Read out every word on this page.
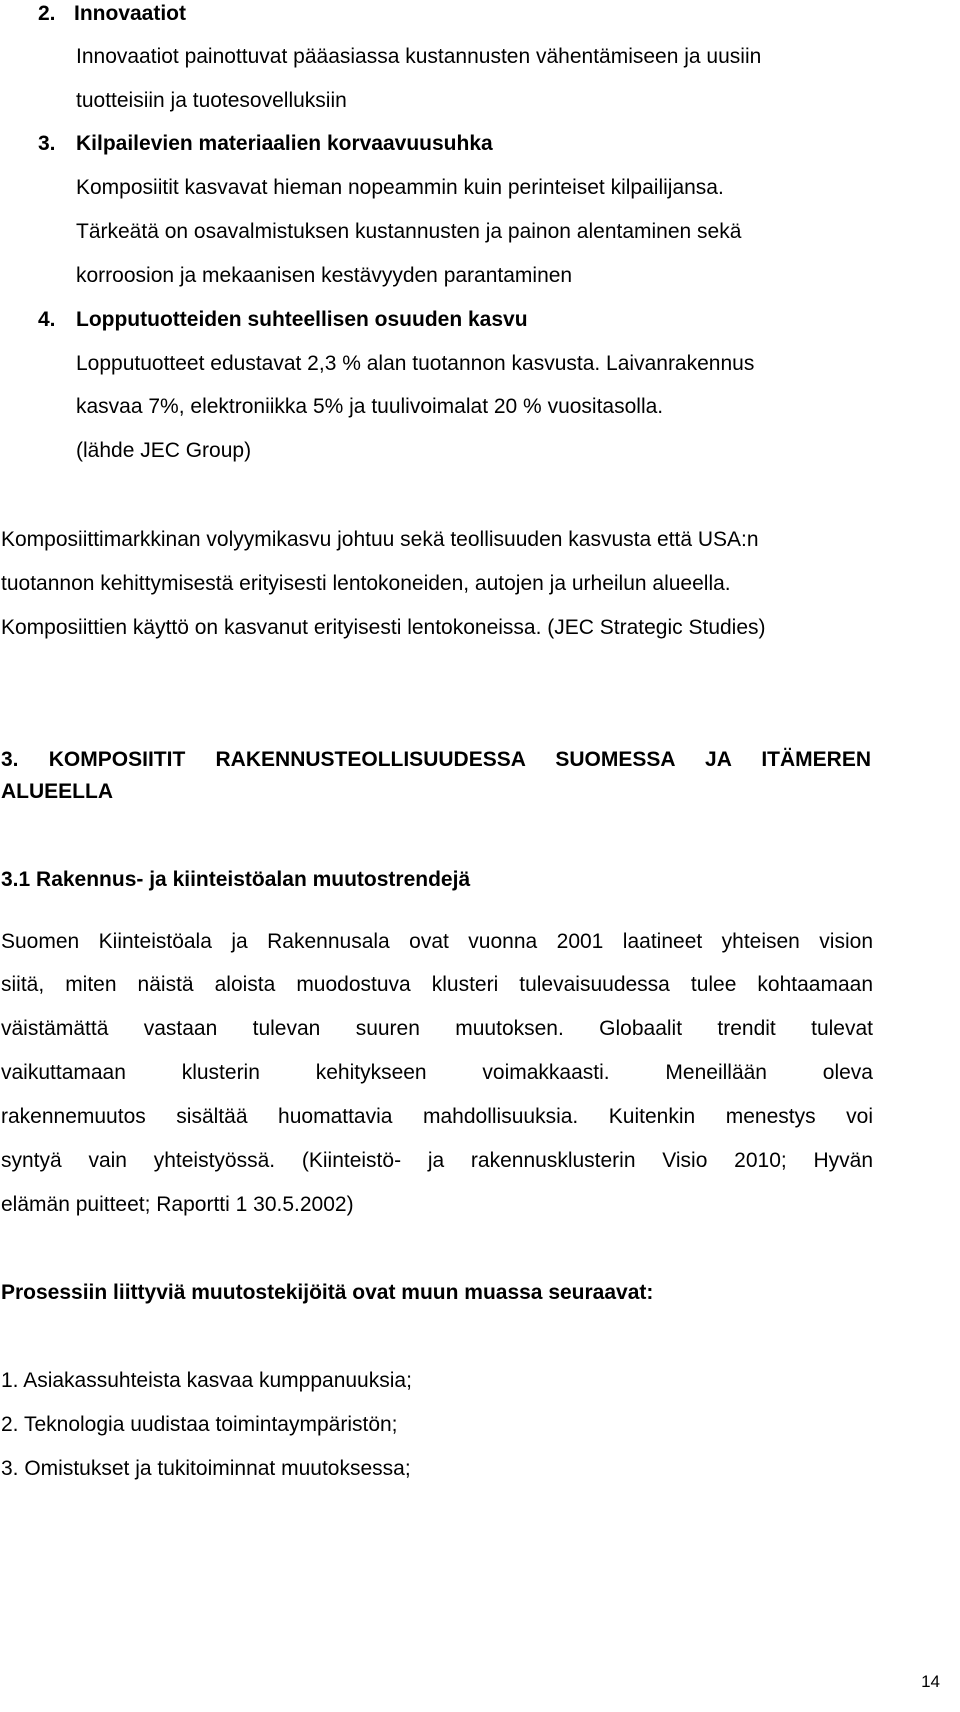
2. Innovaatiot
Innovaatiot painottuvat pääasiassa kustannusten vähentämiseen ja uusiin
tuotteisiin ja tuotesovelluksiin
3. Kilpailevien materiaalien korvaavuusuhka
Komposiitit kasvavat hieman nopeammin kuin perinteiset kilpailijansa.
Tärkeätä on osavalmistuksen kustannusten ja painon alentaminen sekä
korroosion ja mekaanisen kestävyyden parantaminen
4. Lopputuotteiden suhteellisen osuuden kasvu
Lopputuotteet edustavat 2,3 % alan tuotannon kasvusta. Laivanrakennus
kasvaa 7%, elektroniikka 5% ja tuulivoimalat 20 % vuositasolla.
(lähde JEC Group)
Komposiittimarkkinan volyymikasvu johtuu sekä teollisuuden kasvusta että USA:n
tuotannon kehittymisestä erityisesti lentokoneiden, autojen ja urheilun alueella.
Komposiittien käyttö on kasvanut erityisesti lentokoneissa. (JEC Strategic Studies)
3.  KOMPOSIITIT  RAKENNUSTEOLLISUUDESSA  SUOMESSA  JA  ITÄMEREN
ALUEELLA
3.1 Rakennus- ja kiinteistöalan muutostrendejä
Suomen Kiinteistöala ja Rakennusala ovat vuonna 2001 laatineet yhteisen vision
siitä, miten näistä aloista muodostuva klusteri tulevaisuudessa tulee kohtaamaan
väistämättä vastaan tulevan suuren muutoksen. Globaalit trendit tulevat
vaikuttamaan klusterin kehitykseen voimakkaasti. Meneillään oleva
rakennemuutos sisältää huomattavia mahdollisuuksia. Kuitenkin menestys voi
syntyä vain yhteistyössä. (Kiinteistö- ja rakennusklusterin Visio 2010; Hyvän
elämän puitteet; Raportti 1 30.5.2002)
Prosessiin liittyviä muutostekijöitä ovat muun muassa seuraavat:
1. Asiakassuhteista kasvaa kumppanuuksia;
2. Teknologia uudistaa toimintaympäristön;
3. Omistukset ja tukitoiminnat muutoksessa;
14
